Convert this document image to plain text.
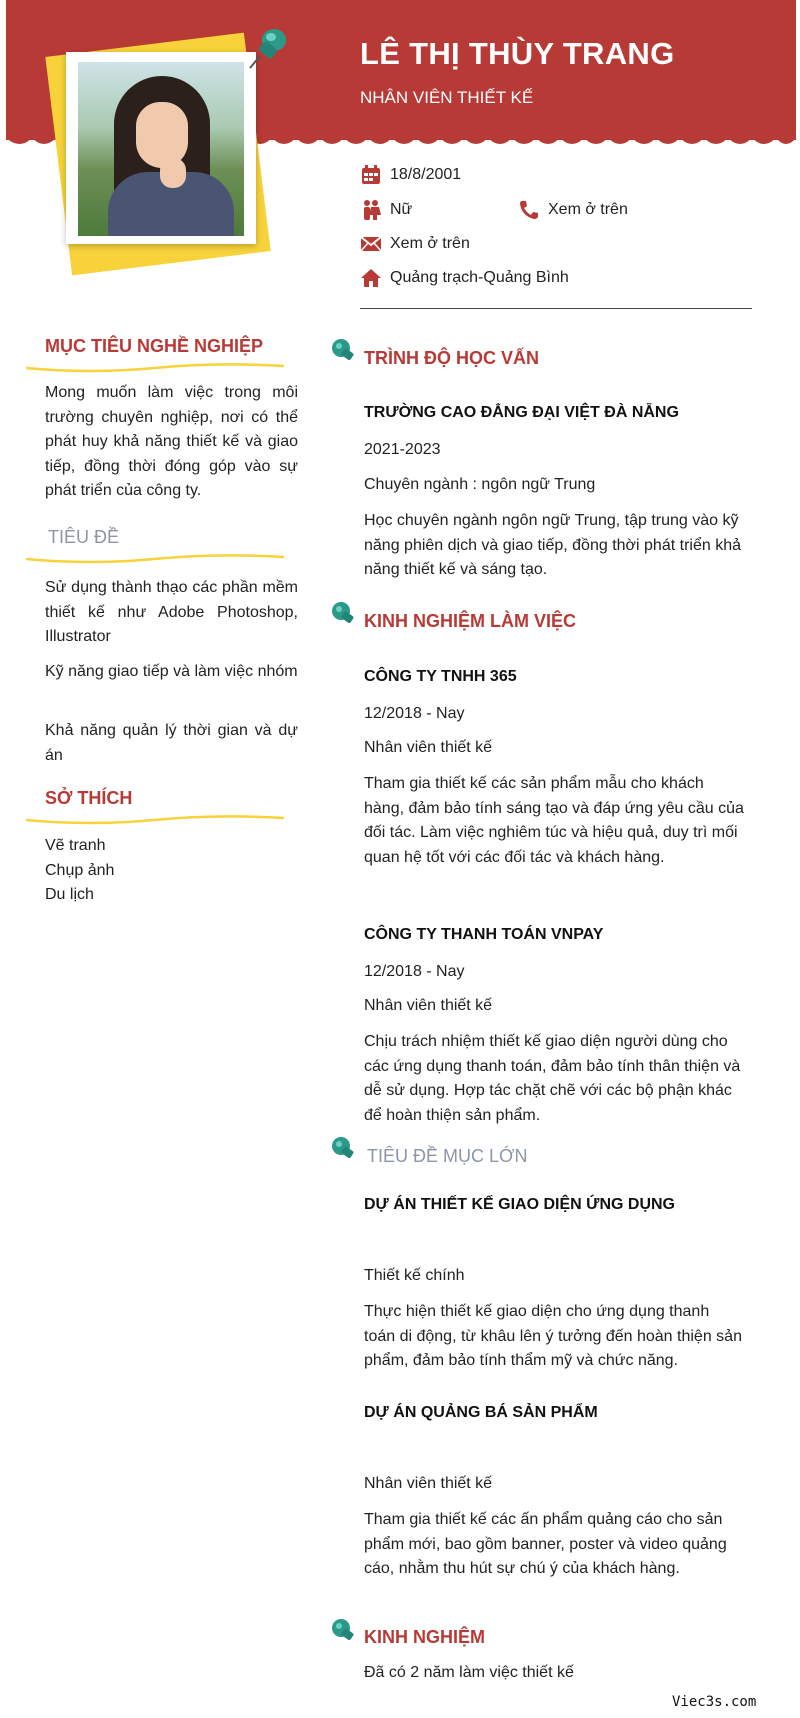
LÊ THỊ THÙY TRANG
NHÂN VIÊN THIẾT KẾ
18/8/2001
Nữ	Xem ở trên
Xem ở trên
Quảng trạch-Quảng Bình
MỤC TIÊU NGHỀ NGHIỆP
Mong muốn làm việc trong môi trường chuyên nghiệp, nơi có thể phát huy khả năng thiết kế và giao tiếp, đồng thời đóng góp vào sự phát triển của công ty.
TIÊU ĐỀ
Sử dụng thành thạo các phần mềm thiết kế như Adobe Photoshop, Illustrator
Kỹ năng giao tiếp và làm việc nhóm
Khả năng quản lý thời gian và dự án
SỞ THÍCH
Vẽ tranh
Chụp ảnh
Du lịch
TRÌNH ĐỘ HỌC VẤN
TRƯỜNG CAO ĐẲNG ĐẠI VIỆT ĐÀ NẴNG
2021-2023
Chuyên ngành : ngôn ngữ Trung
Học chuyên ngành ngôn ngữ Trung, tập trung vào kỹ năng phiên dịch và giao tiếp, đồng thời phát triển khả năng thiết kế và sáng tạo.
KINH NGHIỆM LÀM VIỆC
CÔNG TY TNHH 365
12/2018 - Nay
Nhân viên thiết kế
Tham gia thiết kế các sản phẩm mẫu cho khách hàng, đảm bảo tính sáng tạo và đáp ứng yêu cầu của đối tác. Làm việc nghiêm túc và hiệu quả, duy trì mối quan hệ tốt với các đối tác và khách hàng.
CÔNG TY THANH TOÁN VNPAY
12/2018 - Nay
Nhân viên thiết kế
Chịu trách nhiệm thiết kế giao diện người dùng cho các ứng dụng thanh toán, đảm bảo tính thân thiện và dễ sử dụng. Hợp tác chặt chẽ với các bộ phận khác để hoàn thiện sản phẩm.
TIÊU ĐỀ MỤC LỚN
DỰ ÁN THIẾT KẾ GIAO DIỆN ỨNG DỤNG
Thiết kế chính
Thực hiện thiết kế giao diện cho ứng dụng thanh toán di động, từ khâu lên ý tưởng đến hoàn thiện sản phẩm, đảm bảo tính thẩm mỹ và chức năng.
DỰ ÁN QUẢNG BÁ SẢN PHẨM
Nhân viên thiết kế
Tham gia thiết kế các ấn phẩm quảng cáo cho sản phẩm mới, bao gồm banner, poster và video quảng cáo, nhằm thu hút sự chú ý của khách hàng.
KINH NGHIỆM
Đã có 2 năm làm việc thiết kế
Viec3s.com
